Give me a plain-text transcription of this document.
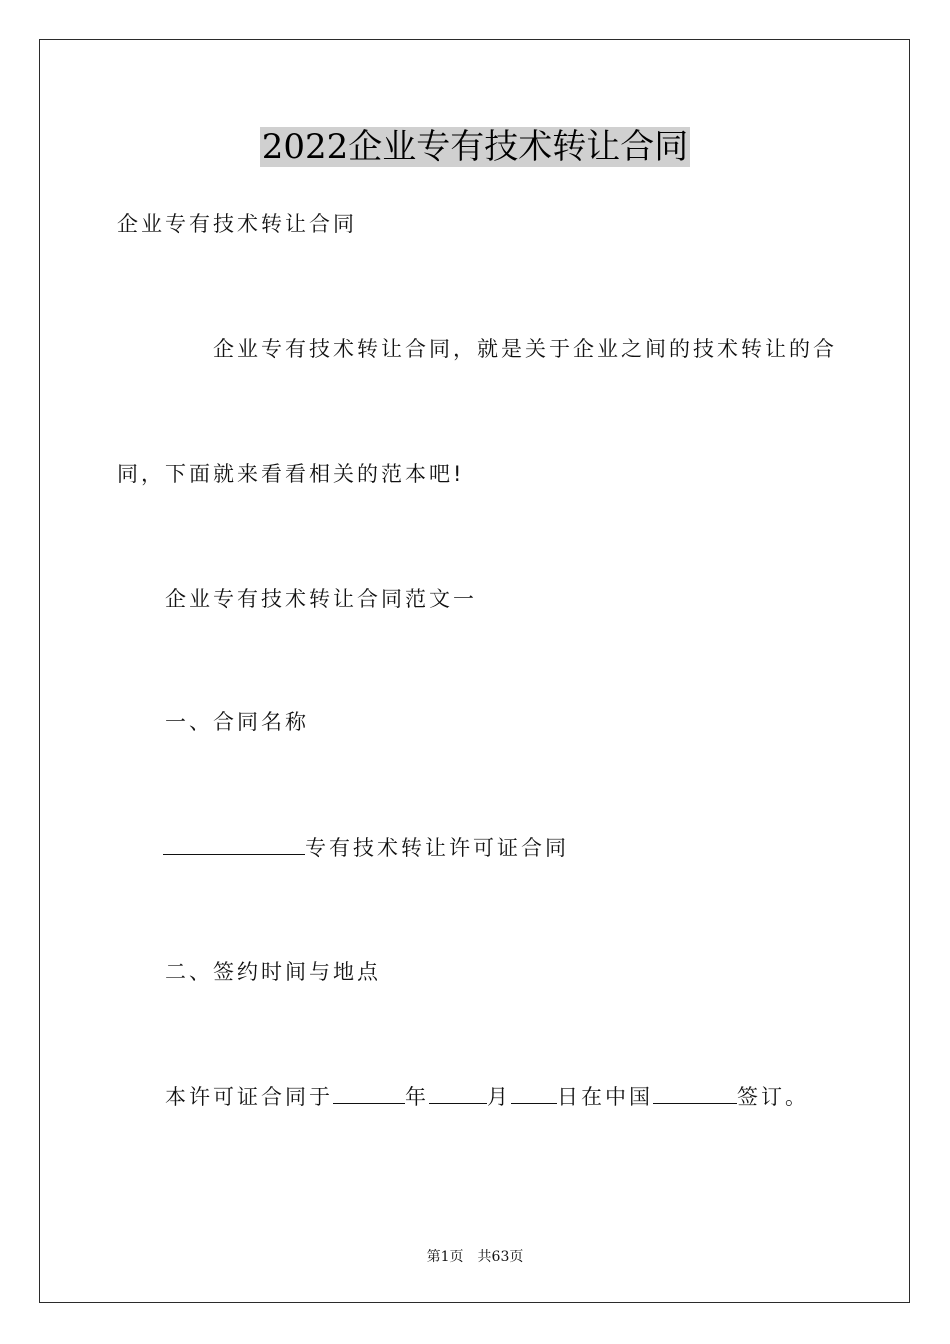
2022企业专有技术转让合同
企业专有技术转让合同
企业专有技术转让合同，就是关于企业之间的技术转让的合
同，下面就来看看相关的范本吧!
企业专有技术转让合同范文一
一、合同名称
专有技术转让许可证合同
二、签约时间与地点
本许可证合同于	年	月 日在中国	签订。
第1页 共63页
